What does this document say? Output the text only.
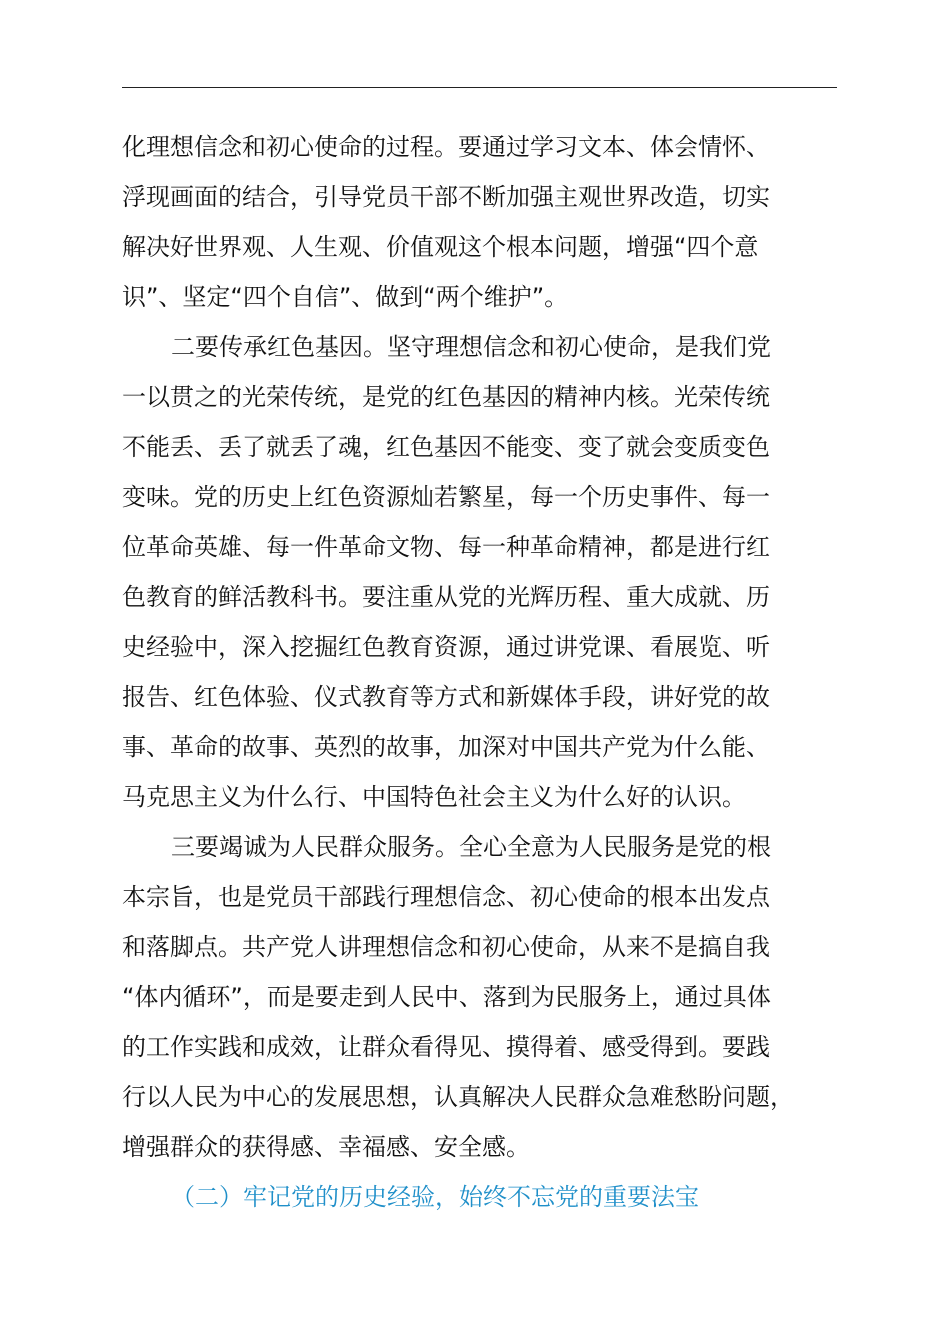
化理想信念和初心使命的过程。要通过学习文本、体会情怀、
浮现画面的结合，引导党员干部不断加强主观世界改造，切实
解决好世界观、人生观、价值观这个根本问题，增强“四个意
识”、坚定“四个自信”、做到“两个维护”。
二要传承红色基因。坚守理想信念和初心使命，是我们党
一以贯之的光荣传统，是党的红色基因的精神内核。光荣传统
不能丢、丢了就丢了魂，红色基因不能变、变了就会变质变色
变味。党的历史上红色资源灿若繁星，每一个历史事件、每一
位革命英雄、每一件革命文物、每一种革命精神，都是进行红
色教育的鲜活教科书。要注重从党的光辉历程、重大成就、历
史经验中，深入挖掘红色教育资源，通过讲党课、看展览、听
报告、红色体验、仪式教育等方式和新媒体手段，讲好党的故
事、革命的故事、英烈的故事，加深对中国共产党为什么能、
马克思主义为什么行、中国特色社会主义为什么好的认识。
三要竭诚为人民群众服务。全心全意为人民服务是党的根
本宗旨，也是党员干部践行理想信念、初心使命的根本出发点
和落脚点。共产党人讲理想信念和初心使命，从来不是搞自我
“体内循环”，而是要走到人民中、落到为民服务上，通过具体
的工作实践和成效，让群众看得见、摸得着、感受得到。要践
行以人民为中心的发展思想，认真解决人民群众急难愁盼问题，
增强群众的获得感、幸福感、安全感。
（二）牢记党的历史经验，始终不忘党的重要法宝
